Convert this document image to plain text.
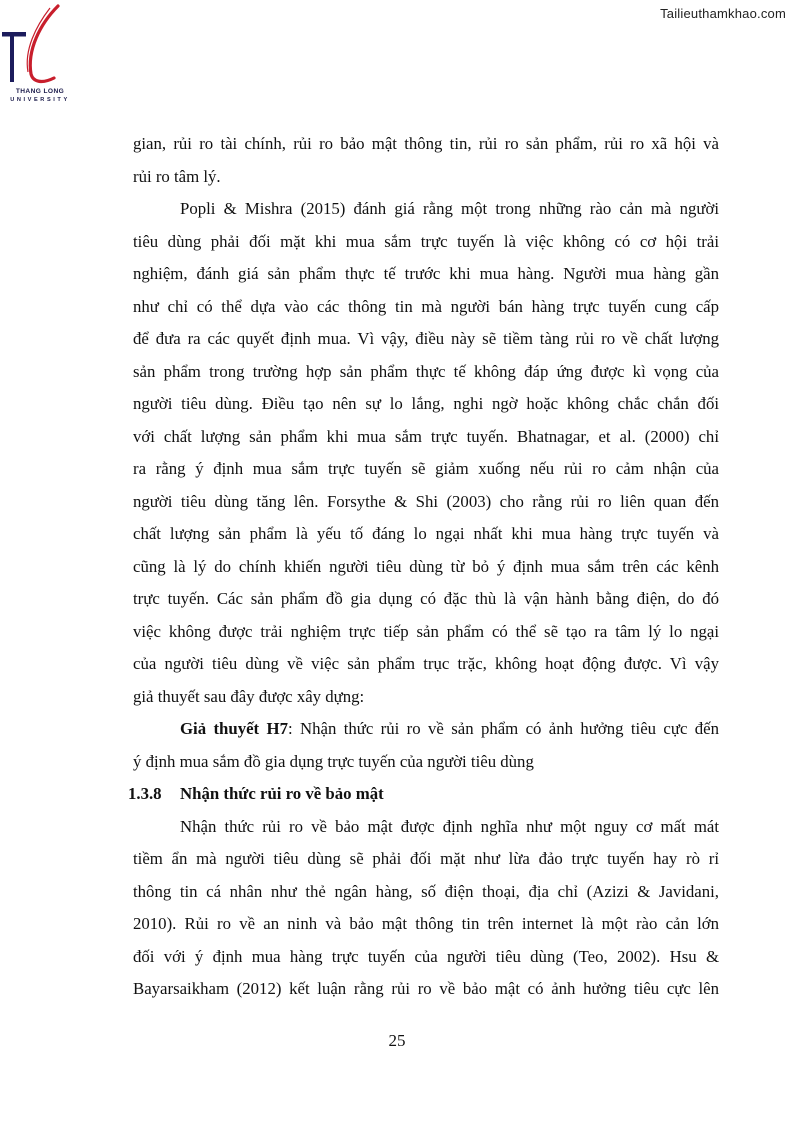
Tailieuthamkhao.com
THANG LONG
UNIVERSITY
gian, rủi ro tài chính, rủi ro bảo mật thông tin, rủi ro sản phẩm, rủi ro xã hội và
rủi ro tâm lý.
Popli & Mishra (2015) đánh giá rằng một trong những rào cản mà người
tiêu dùng phải đối mặt khi mua sắm trực tuyến là việc không có cơ hội trải
nghiệm, đánh giá sản phẩm thực tế trước khi mua hàng. Người mua hàng gần
như chỉ có thể dựa vào các thông tin mà người bán hàng trực tuyến cung cấp
để đưa ra các quyết định mua. Vì vậy, điều này sẽ tiềm tàng rủi ro về chất lượng
sản phẩm trong trường hợp sản phẩm thực tế không đáp ứng được kì vọng của
người tiêu dùng. Điều tạo nên sự lo lắng, nghi ngờ hoặc không chắc chắn đối
với chất lượng sản phẩm khi mua sắm trực tuyến. Bhatnagar, et al. (2000) chỉ
ra rằng ý định mua sắm trực tuyến sẽ giảm xuống nếu rủi ro cảm nhận của
người tiêu dùng tăng lên. Forsythe & Shi (2003) cho rằng rủi ro liên quan đến
chất lượng sản phẩm là yếu tố đáng lo ngại nhất khi mua hàng trực tuyến và
cũng là lý do chính khiến người tiêu dùng từ bỏ ý định mua sắm trên các kênh
trực tuyến. Các sản phẩm đồ gia dụng có đặc thù là vận hành bằng điện, do đó
việc không được trải nghiệm trực tiếp sản phẩm có thể sẽ tạo ra tâm lý lo ngại
của người tiêu dùng về việc sản phẩm trục trặc, không hoạt động được. Vì vậy
giả thuyết sau đây được xây dựng:
Giả thuyết H7: Nhận thức rủi ro về sản phẩm có ảnh hưởng tiêu cực đến
ý định mua sắm đồ gia dụng trực tuyến của người tiêu dùng
1.3.8 Nhận thức rủi ro về bảo mật
Nhận thức rủi ro về bảo mật được định nghĩa như một nguy cơ mất mát
tiềm ẩn mà người tiêu dùng sẽ phải đối mặt như lừa đảo trực tuyến hay rò rỉ
thông tin cá nhân như thẻ ngân hàng, số điện thoại, địa chỉ (Azizi & Javidani,
2010). Rủi ro về an ninh và bảo mật thông tin trên internet là một rào cản lớn
đối với ý định mua hàng trực tuyến của người tiêu dùng (Teo, 2002). Hsu &
Bayarsaikham (2012) kết luận rằng rủi ro về bảo mật có ảnh hưởng tiêu cực lên
25
